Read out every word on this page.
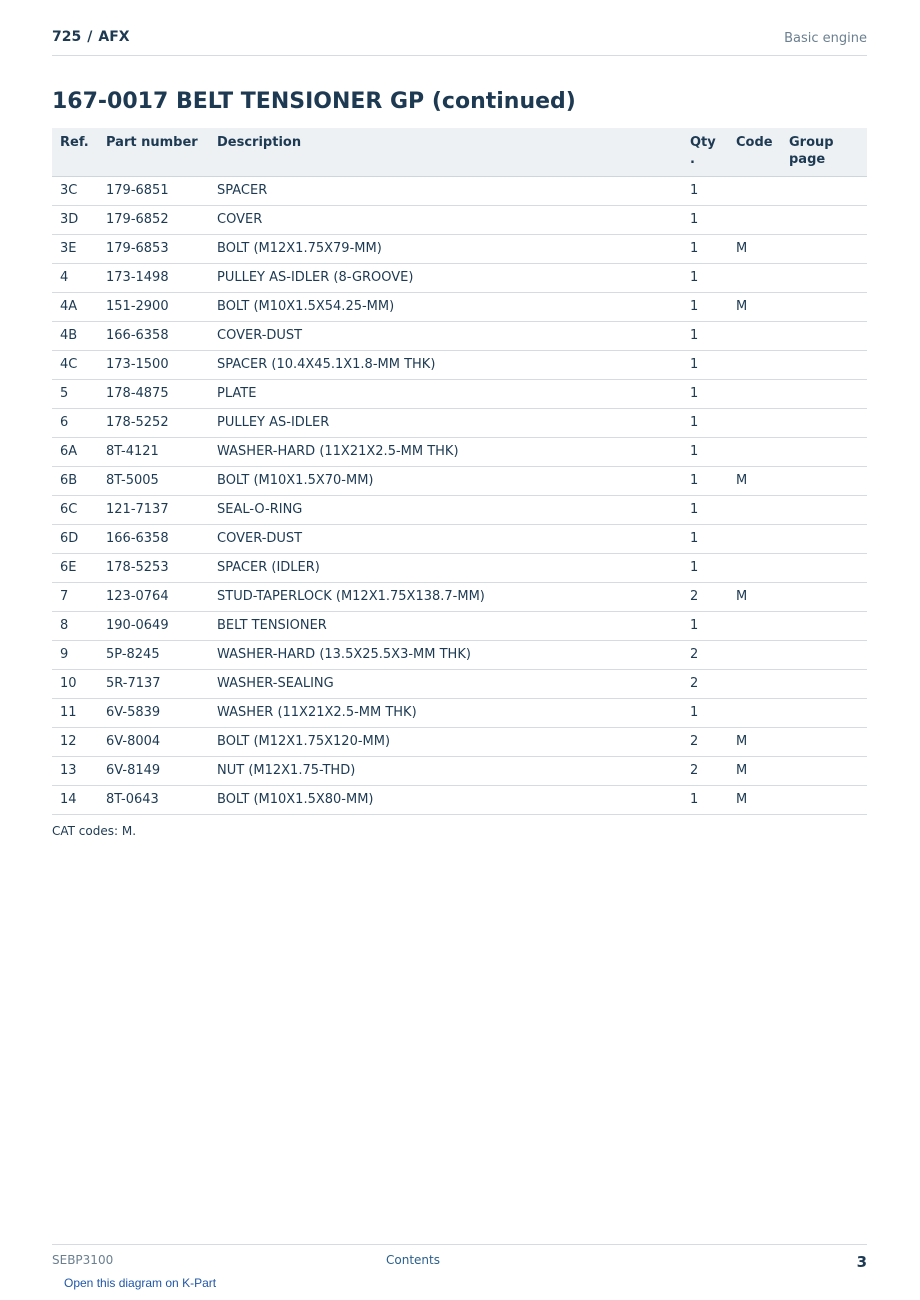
725 / AFX	Basic engine
167-0017 BELT TENSIONER GP (continued)
Ref.	Part number	Description	Qty .	Code	Group page
3C	179-6851	SPACER	1		
3D	179-6852	COVER	1		
3E	179-6853	BOLT (M12X1.75X79-MM)	1	M	
4	173-1498	PULLEY AS-IDLER (8-GROOVE)	1		
4A	151-2900	BOLT (M10X1.5X54.25-MM)	1	M	
4B	166-6358	COVER-DUST	1		
4C	173-1500	SPACER (10.4X45.1X1.8-MM THK)	1		
5	178-4875	PLATE	1		
6	178-5252	PULLEY AS-IDLER	1		
6A	8T-4121	WASHER-HARD (11X21X2.5-MM THK)	1		
6B	8T-5005	BOLT (M10X1.5X70-MM)	1	M	
6C	121-7137	SEAL-O-RING	1		
6D	166-6358	COVER-DUST	1		
6E	178-5253	SPACER (IDLER)	1		
7	123-0764	STUD-TAPERLOCK (M12X1.75X138.7-MM)	2	M	
8	190-0649	BELT TENSIONER	1		
9	5P-8245	WASHER-HARD (13.5X25.5X3-MM THK)	2		
10	5R-7137	WASHER-SEALING	2		
11	6V-5839	WASHER (11X21X2.5-MM THK)	1		
12	6V-8004	BOLT (M12X1.75X120-MM)	2	M	
13	6V-8149	NUT (M12X1.75-THD)	2	M	
14	8T-0643	BOLT (M10X1.5X80-MM)	1	M	
CAT codes: M.
SEBP3100	Contents	3
Open this diagram on K-Part
